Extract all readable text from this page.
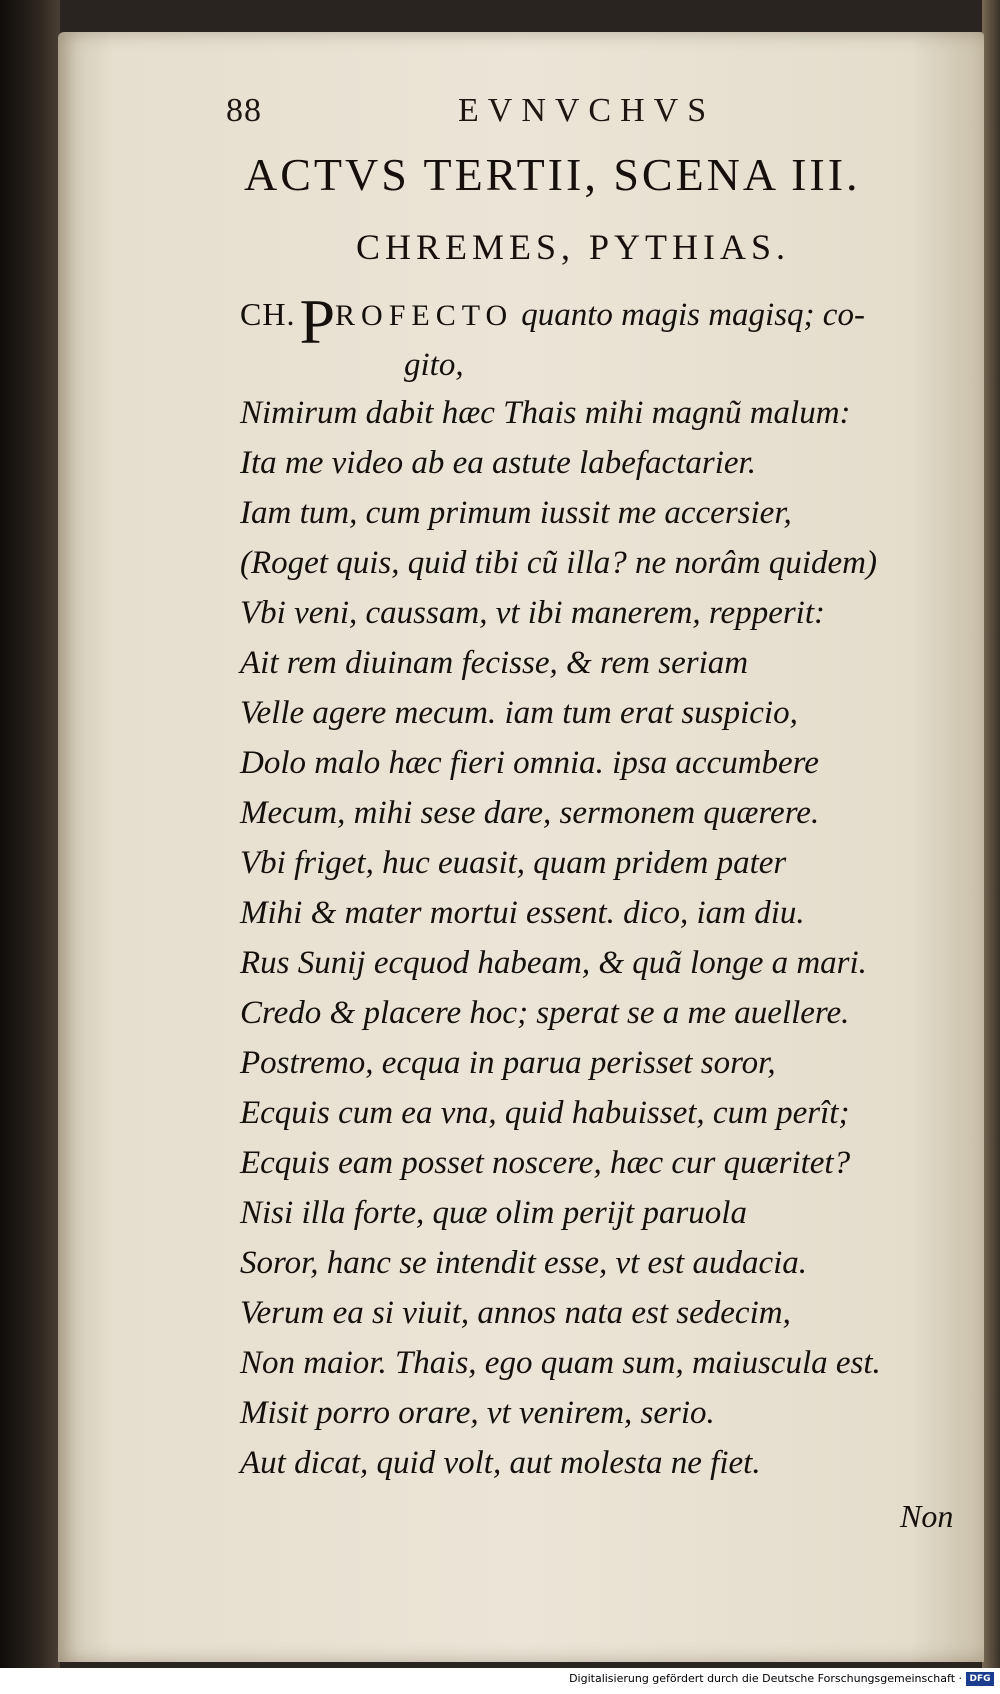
88	EVNVCHVS
ACTVS TERTII, SCENA III.
CHREMES, PYTHIAS.
CH.PROFECTO quanto magis magisq; co-
gito,
Nimirum dabit hæc Thais mihi magnũ malum:
Ita me video ab ea astute labefactarier.
Iam tum, cum primum iussit me accersier,
(Roget quis, quid tibi cũ illa? ne norâm quidem)
Vbi veni, caussam, vt ibi manerem, repperit:
Ait rem diuinam fecisse, & rem seriam
Velle agere mecum. iam tum erat suspicio,
Dolo malo hæc fieri omnia. ipsa accumbere
Mecum, mihi sese dare, sermonem quærere.
Vbi friget, huc euasit, quam pridem pater
Mihi & mater mortui essent. dico, iam diu.
Rus Sunij ecquod habeam, & quã longe a mari.
Credo & placere hoc; sperat se a me auellere.
Postremo, ecqua in parua perisset soror,
Ecquis cum ea vna, quid habuisset, cum perît;
Ecquis eam posset noscere, hæc cur quæritet?
Nisi illa forte, quæ olim perijt paruola
Soror, hanc se intendit esse, vt est audacia.
Verum ea si viuit, annos nata est sedecim,
Non maior. Thais, ego quam sum, maiuscula est.
Misit porro orare, vt venirem, serio.
Aut dicat, quid volt, aut molesta ne fiet.
Non
Digitalisierung gefördert durch die Deutsche Forschungsgemeinschaft · DFG
